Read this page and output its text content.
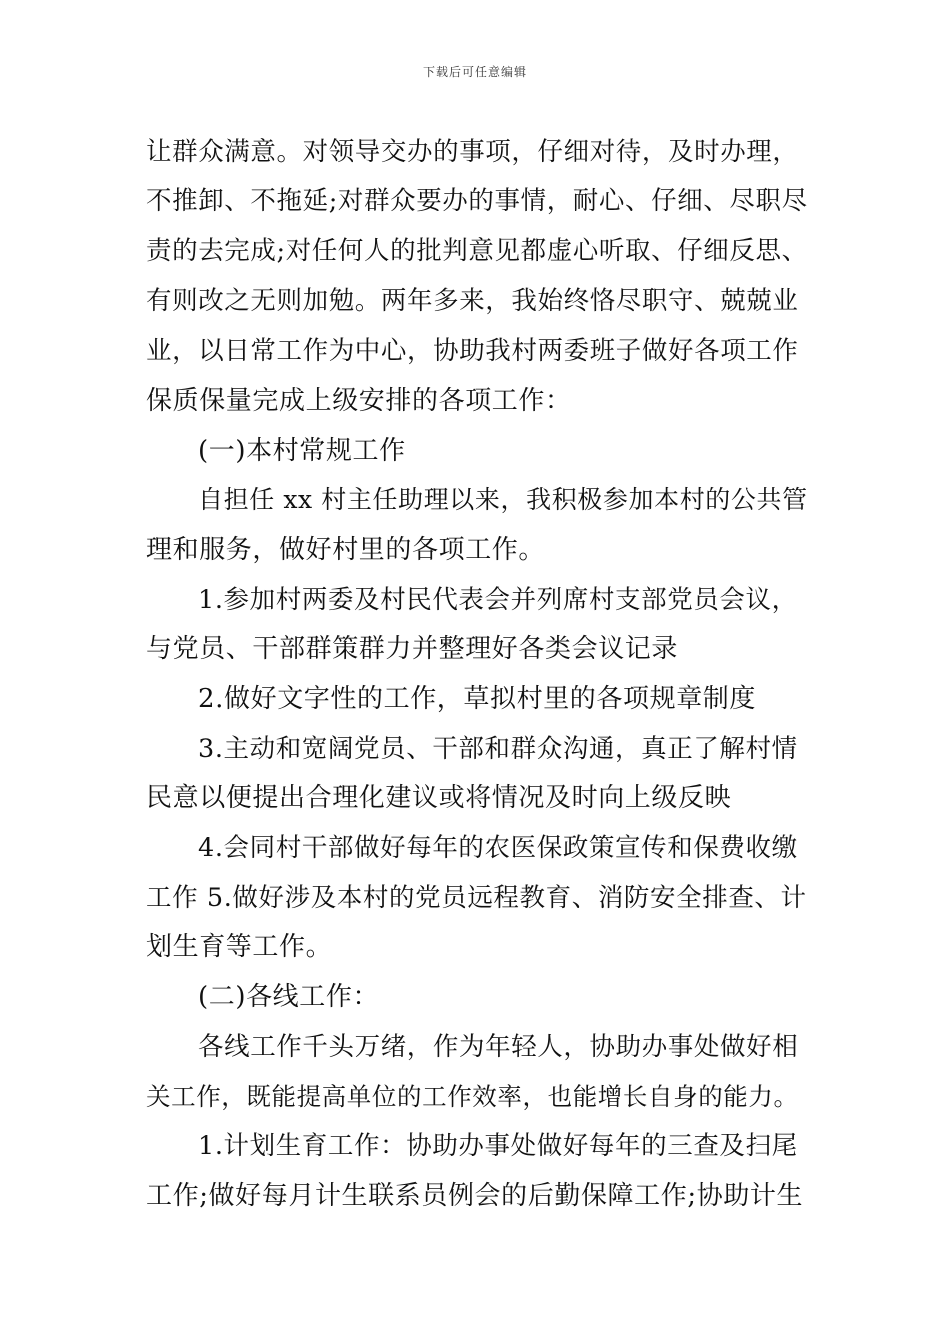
下载后可任意编辑
让群众满意。对领导交办的事项，仔细对待，及时办理，
不推卸、不拖延;对群众要办的事情，耐心、仔细、尽职尽
责的去完成;对任何人的批判意见都虚心听取、仔细反思、
有则改之无则加勉。两年多来，我始终恪尽职守、兢兢业
业，以日常工作为中心，协助我村两委班子做好各项工作
保质保量完成上级安排的各项工作：
(一)本村常规工作
自担任 xx 村主任助理以来，我积极参加本村的公共管
理和服务，做好村里的各项工作。
1.参加村两委及村民代表会并列席村支部党员会议，
与党员、干部群策群力并整理好各类会议记录
2.做好文字性的工作，草拟村里的各项规章制度
3.主动和宽阔党员、干部和群众沟通，真正了解村情
民意以便提出合理化建议或将情况及时向上级反映
4.会同村干部做好每年的农医保政策宣传和保费收缴
工作 5.做好涉及本村的党员远程教育、消防安全排查、计
划生育等工作。
(二)各线工作：
各线工作千头万绪，作为年轻人，协助办事处做好相
关工作，既能提高单位的工作效率，也能增长自身的能力。
1.计划生育工作：协助办事处做好每年的三查及扫尾
工作;做好每月计生联系员例会的后勤保障工作;协助计生
